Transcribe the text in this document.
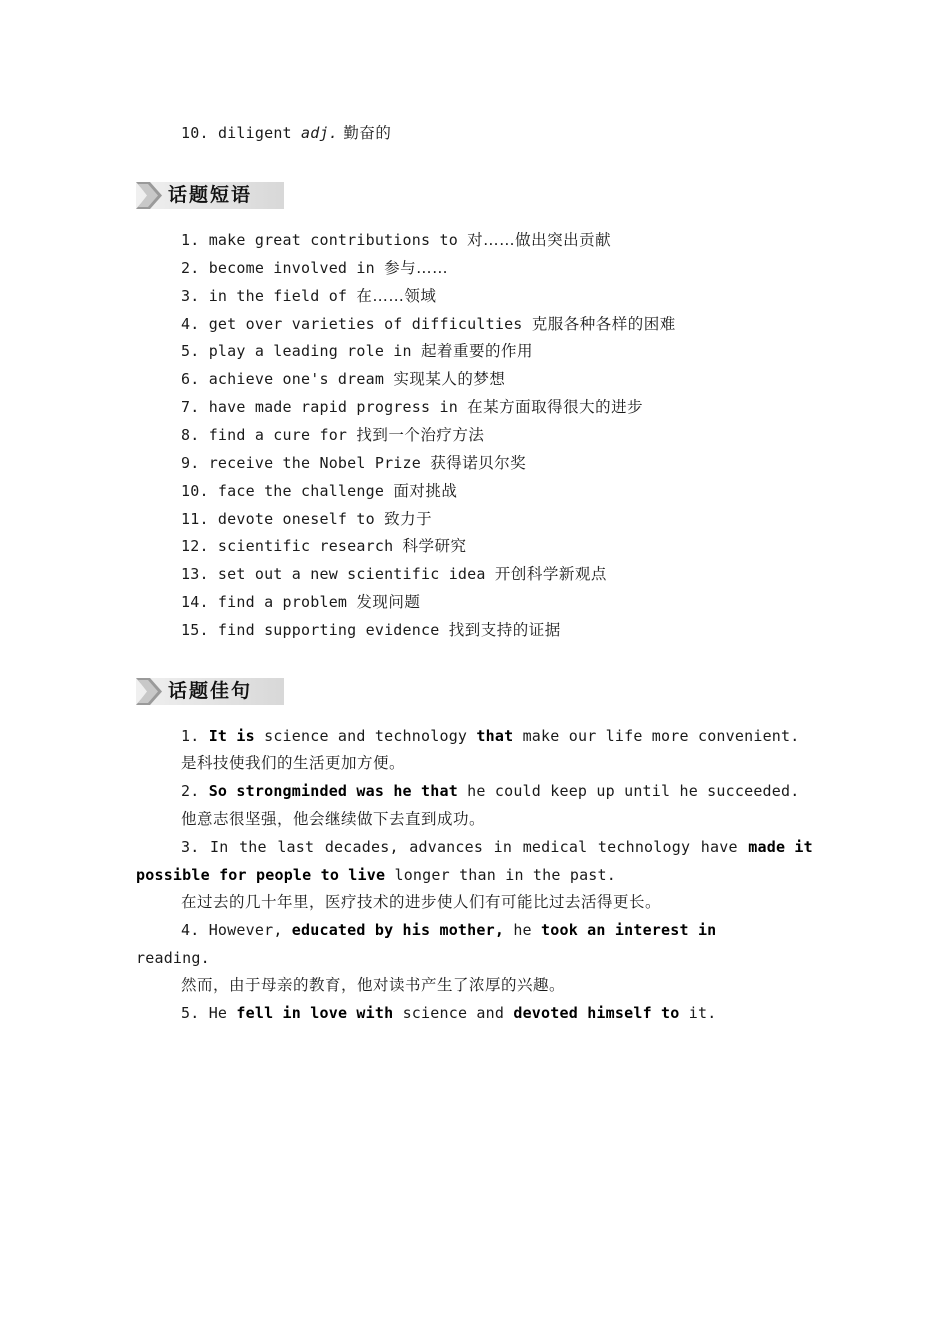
10. diligent adj. 勤奋的
话题短语
1. make great contributions to 对……做出突出贡献
2. become involved in 参与……
3. in the field of 在……领域
4. get over varieties of difficulties 克服各种各样的困难
5. play a leading role in 起着重要的作用
6. achieve one's dream 实现某人的梦想
7. have made rapid progress in 在某方面取得很大的进步
8. find a cure for 找到一个治疗方法
9. receive the Nobel Prize 获得诺贝尔奖
10. face the challenge 面对挑战
11. devote oneself to 致力于
12. scientific research 科学研究
13. set out a new scientific idea 开创科学新观点
14. find a problem 发现问题
15. find supporting evidence 找到支持的证据
话题佳句
1. It is science and technology that make our life more convenient.
是科技使我们的生活更加方便。
2. So strongminded was he that he could keep up until he succeeded.
他意志很坚强，他会继续做下去直到成功。
3. In the last decades, advances in medical technology have made it
possible for people to live longer than in the past.
在过去的几十年里，医疗技术的进步使人们有可能比过去活得更长。
4. However, educated by his mother, he took an interest in
reading.
然而，由于母亲的教育，他对读书产生了浓厚的兴趣。
5. He fell in love with science and devoted himself to it.
